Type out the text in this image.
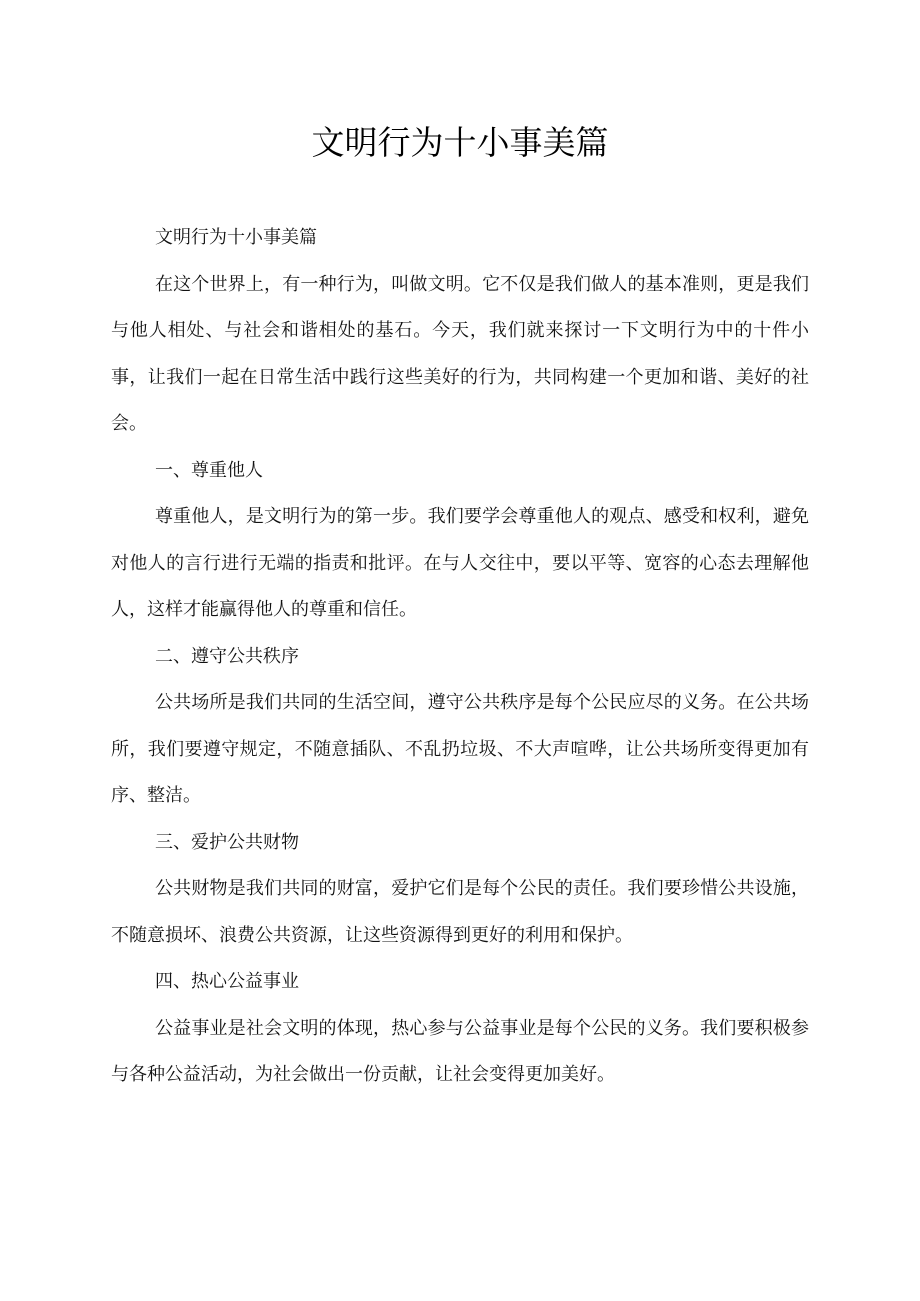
文明行为十小事美篇

文明行为十小事美篇

在这个世界上，有一种行为，叫做文明。它不仅是我们做人的基本准则，更是我们与他人相处、与社会和谐相处的基石。今天，我们就来探讨一下文明行为中的十件小事，让我们一起在日常生活中践行这些美好的行为，共同构建一个更加和谐、美好的社会。

一、尊重他人

尊重他人，是文明行为的第一步。我们要学会尊重他人的观点、感受和权利，避免对他人的言行进行无端的指责和批评。在与人交往中，要以平等、宽容的心态去理解他人，这样才能赢得他人的尊重和信任。

二、遵守公共秩序

公共场所是我们共同的生活空间，遵守公共秩序是每个公民应尽的义务。在公共场所，我们要遵守规定，不随意插队、不乱扔垃圾、不大声喧哗，让公共场所变得更加有序、整洁。

三、爱护公共财物

公共财物是我们共同的财富，爱护它们是每个公民的责任。我们要珍惜公共设施，不随意损坏、浪费公共资源，让这些资源得到更好的利用和保护。

四、热心公益事业

公益事业是社会文明的体现，热心参与公益事业是每个公民的义务。我们要积极参与各种公益活动，为社会做出一份贡献，让社会变得更加美好。
